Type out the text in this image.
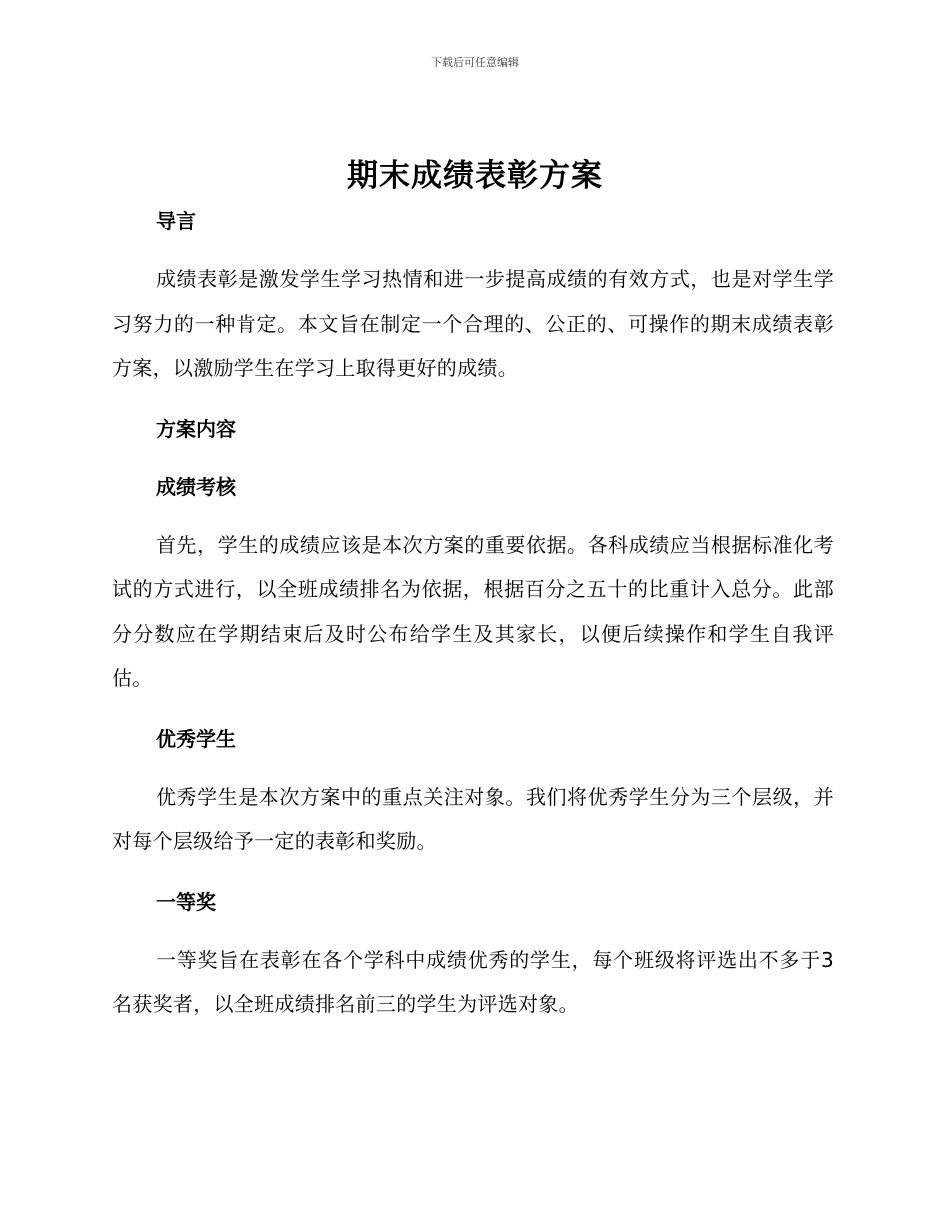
下载后可任意编辑
期末成绩表彰方案

导言

成绩表彰是激发学生学习热情和进一步提高成绩的有效方式，也是对学生学习努力的一种肯定。本文旨在制定一个合理的、公正的、可操作的期末成绩表彰方案，以激励学生在学习上取得更好的成绩。

方案内容

成绩考核

首先，学生的成绩应该是本次方案的重要依据。各科成绩应当根据标准化考试的方式进行，以全班成绩排名为依据，根据百分之五十的比重计入总分。此部分分数应在学期结束后及时公布给学生及其家长，以便后续操作和学生自我评估。

优秀学生

优秀学生是本次方案中的重点关注对象。我们将优秀学生分为三个层级，并对每个层级给予一定的表彰和奖励。

一等奖

一等奖旨在表彰在各个学科中成绩优秀的学生，每个班级将评选出不多于3名获奖者，以全班成绩排名前三的学生为评选对象。
